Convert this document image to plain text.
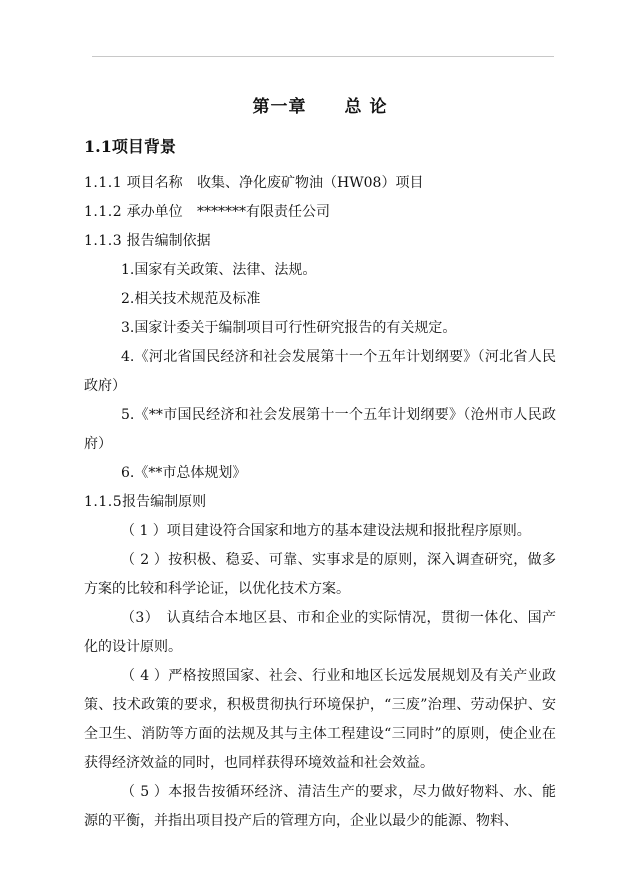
第一章 总 论
1.1项目背景

1.1.1 项目名称 收集、净化废矿物油（HW08）项目

1.1.2 承办单位 *******有限责任公司

1.1.3 报告编制依据

1.国家有关政策、法律、法规。

2.相关技术规范及标准

3.国家计委关于编制项目可行性研究报告的有关规定。

4.《河北省国民经济和社会发展第十一个五年计划纲要》（河北省人民政府）

5.《**市国民经济和社会发展第十一个五年计划纲要》（沧州市人民政府）

6.《**市总体规划》

1.1.5报告编制原则

（ 1 ）项目建设符合国家和地方的基本建设法规和报批程序原则。

（ 2 ）按积极、稳妥、可靠、实事求是的原则，深入调查研究，做多方案的比较和科学论证，以优化技术方案。

（3）　认真结合本地区县、市和企业的实际情况，贯彻一体化、国产化的设计原则。

（ 4 ）严格按照国家、社会、行业和地区长远发展规划及有关产业政策、技术政策的要求，积极贯彻执行环境保护，“三废”治理、劳动保护、安全卫生、消防等方面的法规及其与主体工程建设“三同时”的原则，使企业在获得经济效益的同时，也同样获得环境效益和社会效益。

（ 5 ）本报告按循环经济、清洁生产的要求，尽力做好物料、水、能源的平衡，并指出项目投产后的管理方向，企业以最少的能源、物料、
